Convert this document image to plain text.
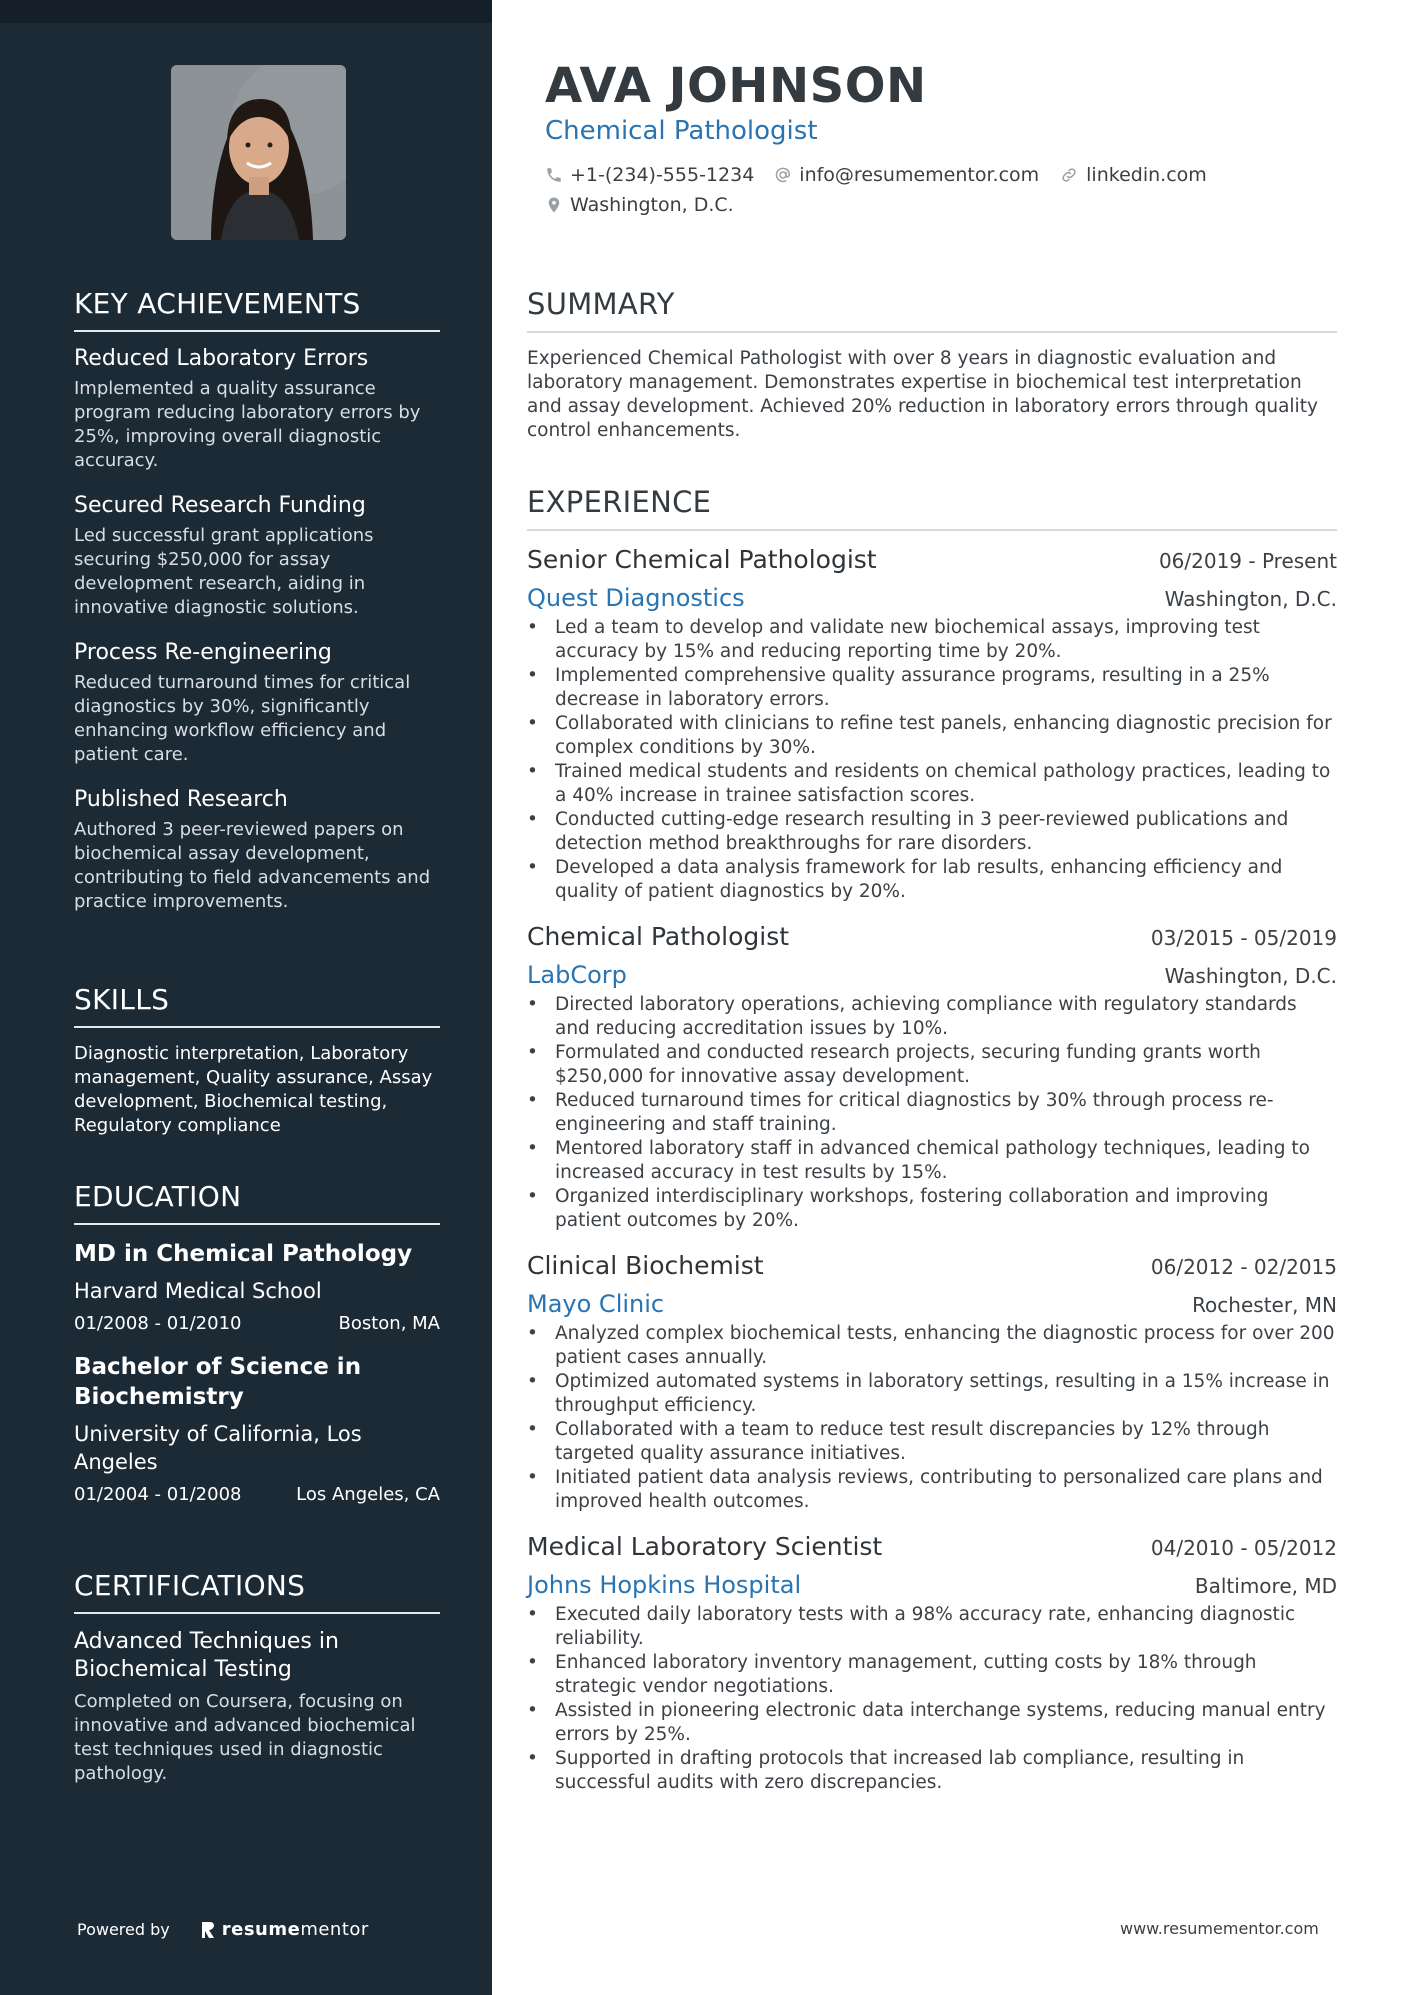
KEY ACHIEVEMENTS
Reduced Laboratory Errors
Implemented a quality assurance program reducing laboratory errors by 25%, improving overall diagnostic accuracy.
Secured Research Funding
Led successful grant applications securing $250,000 for assay development research, aiding in innovative diagnostic solutions.
Process Re-engineering
Reduced turnaround times for critical diagnostics by 30%, significantly enhancing workflow efficiency and patient care.
Published Research
Authored 3 peer-reviewed papers on biochemical assay development, contributing to field advancements and practice improvements.
SKILLS
Diagnostic interpretation, Laboratory management, Quality assurance, Assay development, Biochemical testing, Regulatory compliance
EDUCATION
MD in Chemical Pathology
Harvard Medical School
01/2008 - 01/2010	Boston, MA
Bachelor of Science in Biochemistry
University of California, Los Angeles
01/2004 - 01/2008	Los Angeles, CA
CERTIFICATIONS
Advanced Techniques in Biochemical Testing
Completed on Coursera, focusing on innovative and advanced biochemical test techniques used in diagnostic pathology.
Powered by	resume mentor
AVA JOHNSON
Chemical Pathologist
+1-(234)-555-1234 info@resumementor.com linkedin.com
Washington, D.C.
SUMMARY
Experienced Chemical Pathologist with over 8 years in diagnostic evaluation and laboratory management. Demonstrates expertise in biochemical test interpretation and assay development. Achieved 20% reduction in laboratory errors through quality control enhancements.
EXPERIENCE
Senior Chemical Pathologist	06/2019 - Present
Quest Diagnostics	Washington, D.C.
• Led a team to develop and validate new biochemical assays, improving test accuracy by 15% and reducing reporting time by 20%.
• Implemented comprehensive quality assurance programs, resulting in a 25% decrease in laboratory errors.
• Collaborated with clinicians to refine test panels, enhancing diagnostic precision for complex conditions by 30%.
• Trained medical students and residents on chemical pathology practices, leading to a 40% increase in trainee satisfaction scores.
• Conducted cutting-edge research resulting in 3 peer-reviewed publications and detection method breakthroughs for rare disorders.
• Developed a data analysis framework for lab results, enhancing efficiency and quality of patient diagnostics by 20%.
Chemical Pathologist	03/2015 - 05/2019
LabCorp	Washington, D.C.
• Directed laboratory operations, achieving compliance with regulatory standards and reducing accreditation issues by 10%.
• Formulated and conducted research projects, securing funding grants worth $250,000 for innovative assay development.
• Reduced turnaround times for critical diagnostics by 30% through process re-engineering and staff training.
• Mentored laboratory staff in advanced chemical pathology techniques, leading to increased accuracy in test results by 15%.
• Organized interdisciplinary workshops, fostering collaboration and improving patient outcomes by 20%.
Clinical Biochemist	06/2012 - 02/2015
Mayo Clinic	Rochester, MN
• Analyzed complex biochemical tests, enhancing the diagnostic process for over 200 patient cases annually.
• Optimized automated systems in laboratory settings, resulting in a 15% increase in throughput efficiency.
• Collaborated with a team to reduce test result discrepancies by 12% through targeted quality assurance initiatives.
• Initiated patient data analysis reviews, contributing to personalized care plans and improved health outcomes.
Medical Laboratory Scientist	04/2010 - 05/2012
Johns Hopkins Hospital	Baltimore, MD
• Executed daily laboratory tests with a 98% accuracy rate, enhancing diagnostic reliability.
• Enhanced laboratory inventory management, cutting costs by 18% through strategic vendor negotiations.
• Assisted in pioneering electronic data interchange systems, reducing manual entry errors by 25%.
• Supported in drafting protocols that increased lab compliance, resulting in successful audits with zero discrepancies.
www.resumementor.com
